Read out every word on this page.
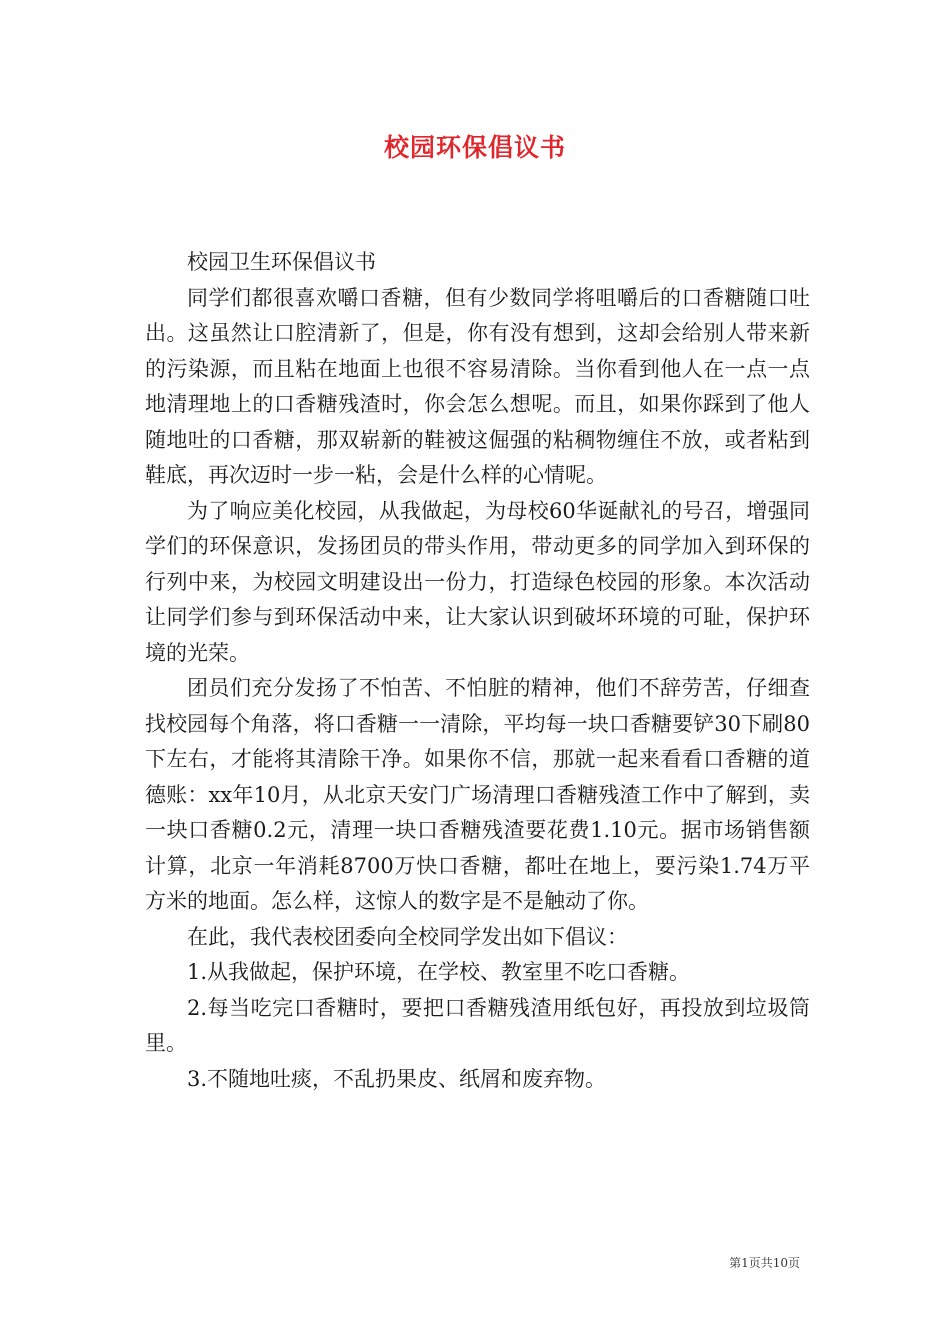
校园环保倡议书

校园卫生环保倡议书

同学们都很喜欢嚼口香糖，但有少数同学将咀嚼后的口香糖随口吐出。这虽然让口腔清新了，但是，你有没有想到，这却会给别人带来新的污染源，而且粘在地面上也很不容易清除。当你看到他人在一点一点地清理地上的口香糖残渣时，你会怎么想呢。而且，如果你踩到了他人随地吐的口香糖，那双崭新的鞋被这倔强的粘稠物缠住不放，或者粘到鞋底，再次迈时一步一粘，会是什么样的心情呢。

为了响应美化校园，从我做起，为母校60华诞献礼的号召，增强同学们的环保意识，发扬团员的带头作用，带动更多的同学加入到环保的行列中来，为校园文明建设出一份力，打造绿色校园的形象。本次活动让同学们参与到环保活动中来，让大家认识到破坏环境的可耻，保护环境的光荣。

团员们充分发扬了不怕苦、不怕脏的精神，他们不辞劳苦，仔细查找校园每个角落，将口香糖一一清除，平均每一块口香糖要铲30下刷80下左右，才能将其清除干净。如果你不信，那就一起来看看口香糖的道德账：xx年10月，从北京天安门广场清理口香糖残渣工作中了解到，卖一块口香糖0.2元，清理一块口香糖残渣要花费1.10元。据市场销售额计算，北京一年消耗8700万快口香糖，都吐在地上，要污染1.74万平方米的地面。怎么样，这惊人的数字是不是触动了你。

在此，我代表校团委向全校同学发出如下倡议：

1.从我做起，保护环境，在学校、教室里不吃口香糖。

2.每当吃完口香糖时，要把口香糖残渣用纸包好，再投放到垃圾筒里。

3.不随地吐痰，不乱扔果皮、纸屑和废弃物。

第1页共10页
